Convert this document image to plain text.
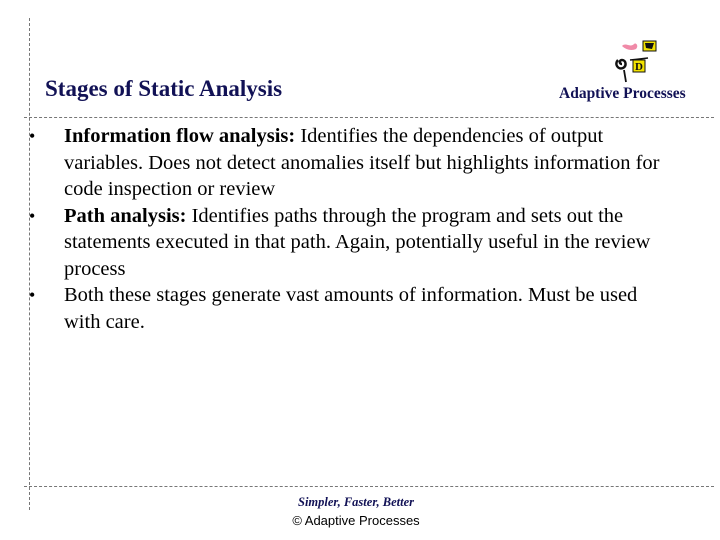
Stages of Static Analysis
D
Adaptive Processes
• Information flow analysis: Identifies the dependencies of output variables. Does not detect anomalies itself but highlights information for code inspection or review
• Path analysis: Identifies paths through the program and sets out the statements executed in that path. Again, potentially useful in the review process
• Both these stages generate vast amounts of information. Must be used with care.
Simpler, Faster, Better
© Adaptive Processes
